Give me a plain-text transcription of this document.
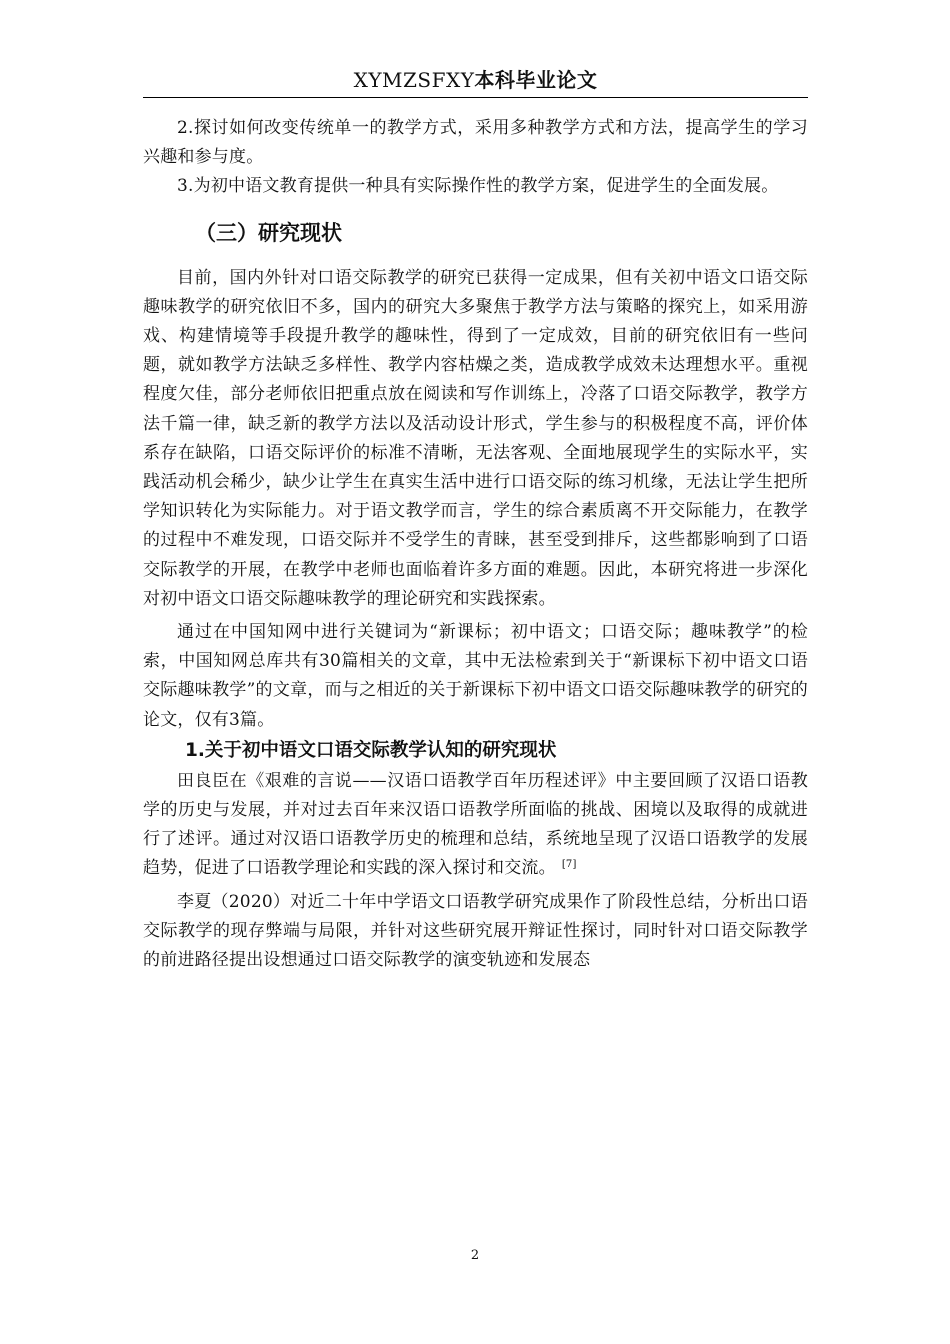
XYMZSFXY本科毕业论文

2.探讨如何改变传统单一的教学方式，采用多种教学方式和方法，提高学生的学习兴趣和参与度。

3.为初中语文教育提供一种具有实际操作性的教学方案，促进学生的全面发展。

（三）研究现状

目前，国内外针对口语交际教学的研究已获得一定成果，但有关初中语文口语交际趣味教学的研究依旧不多，国内的研究大多聚焦于教学方法与策略的探究上，如采用游戏、构建情境等手段提升教学的趣味性，得到了一定成效，目前的研究依旧有一些问题，就如教学方法缺乏多样性、教学内容枯燥之类，造成教学成效未达理想水平。重视程度欠佳，部分老师依旧把重点放在阅读和写作训练上，冷落了口语交际教学，教学方法千篇一律，缺乏新的教学方法以及活动设计形式，学生参与的积极程度不高，评价体系存在缺陷，口语交际评价的标准不清晰，无法客观、全面地展现学生的实际水平，实践活动机会稀少，缺少让学生在真实生活中进行口语交际的练习机缘，无法让学生把所学知识转化为实际能力。对于语文教学而言，学生的综合素质离不开交际能力，在教学的过程中不难发现，口语交际并不受学生的青睐，甚至受到排斥，这些都影响到了口语交际教学的开展，在教学中老师也面临着许多方面的难题。因此，本研究将进一步深化对初中语文口语交际趣味教学的理论研究和实践探索。

通过在中国知网中进行关键词为“新课标；初中语文；口语交际；趣味教学”的检索，中国知网总库共有30篇相关的文章，其中无法检索到关于“新课标下初中语文口语交际趣味教学”的文章，而与之相近的关于新课标下初中语文口语交际趣味教学的研究的论文，仅有3篇。

1.关于初中语文口语交际教学认知的研究现状

田良臣在《艰难的言说——汉语口语教学百年历程述评》中主要回顾了汉语口语教学的历史与发展，并对过去百年来汉语口语教学所面临的挑战、困境以及取得的成就进行了述评。通过对汉语口语教学历史的梳理和总结，系统地呈现了汉语口语教学的发展趋势，促进了口语教学理论和实践的深入探讨和交流。 [7]

李夏（2020）对近二十年中学语文口语教学研究成果作了阶段性总结，分析出口语交际教学的现存弊端与局限，并针对这些研究展开辩证性探讨，同时针对口语交际教学的前进路径提出设想通过口语交际教学的演变轨迹和发展态

2
